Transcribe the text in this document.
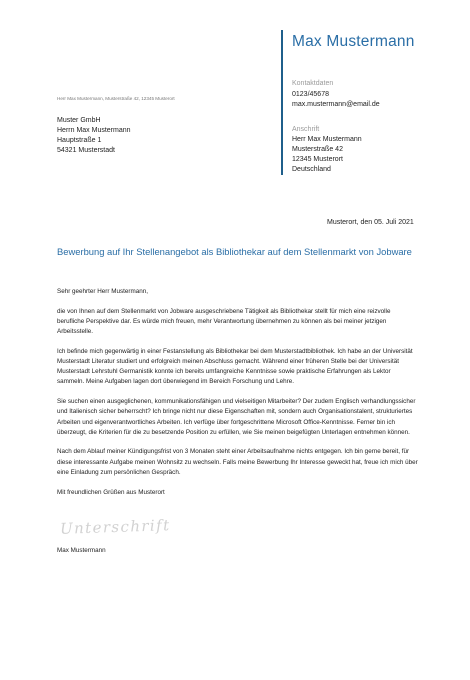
Max Mustermann
Kontaktdaten
0123/45678
max.mustermann@email.de
Anschrift
Herr Max Mustermann
Musterstraße 42
12345 Musterort
Deutschland
Herr Max Mustermann, Musterstraße 42, 12345 Musterort
Muster GmbH
Herrn Max Mustermann
Hauptstraße 1
54321 Musterstadt
Musterort, den 05. Juli 2021
Bewerbung auf Ihr Stellenangebot als Bibliothekar auf dem Stellenmarkt von Jobware

Sehr geehrter Herr Mustermann,

die von Ihnen auf dem Stellenmarkt von Jobware ausgeschriebene Tätigkeit als Bibliothekar stellt für mich eine reizvolle berufliche Perspektive dar. Es würde mich freuen, mehr Verantwortung übernehmen zu können als bei meiner jetzigen Arbeitsstelle.

Ich befinde mich gegenwärtig in einer Festanstellung als Bibliothekar bei dem Musterstadtbibliothek. Ich habe an der Universität Musterstadt Literatur studiert und erfolgreich meinen Abschluss gemacht. Während einer früheren Stelle bei der Universität Musterstadt Lehrstuhl Germanistik konnte ich bereits umfangreiche Kenntnisse sowie praktische Erfahrungen als Lektor sammeln. Meine Aufgaben lagen dort überwiegend im Bereich Forschung und Lehre.

Sie suchen einen ausgeglichenen, kommunikationsfähigen und vielseitigen Mitarbeiter? Der zudem Englisch verhandlungssicher und Italienisch sicher beherrscht? Ich bringe nicht nur diese Eigenschaften mit, sondern auch Organisationstalent, strukturiertes Arbeiten und eigenverantwortliches Arbeiten. Ich verfüge über fortgeschrittene Microsoft Office-Kenntnisse. Ferner bin ich überzeugt, die Kriterien für die zu besetzende Position zu erfüllen, wie Sie meinen beigefügten Unterlagen entnehmen können.

Nach dem Ablauf meiner Kündigungsfrist von 3 Monaten steht einer Arbeitsaufnahme nichts entgegen. Ich bin gerne bereit, für diese interessante Aufgabe meinen Wohnsitz zu wechseln. Falls meine Bewerbung Ihr Interesse geweckt hat, freue ich mich über eine Einladung zum persönlichen Gespräch.

Mit freundlichen Grüßen aus Musterort

Unterschrift
Max Mustermann
